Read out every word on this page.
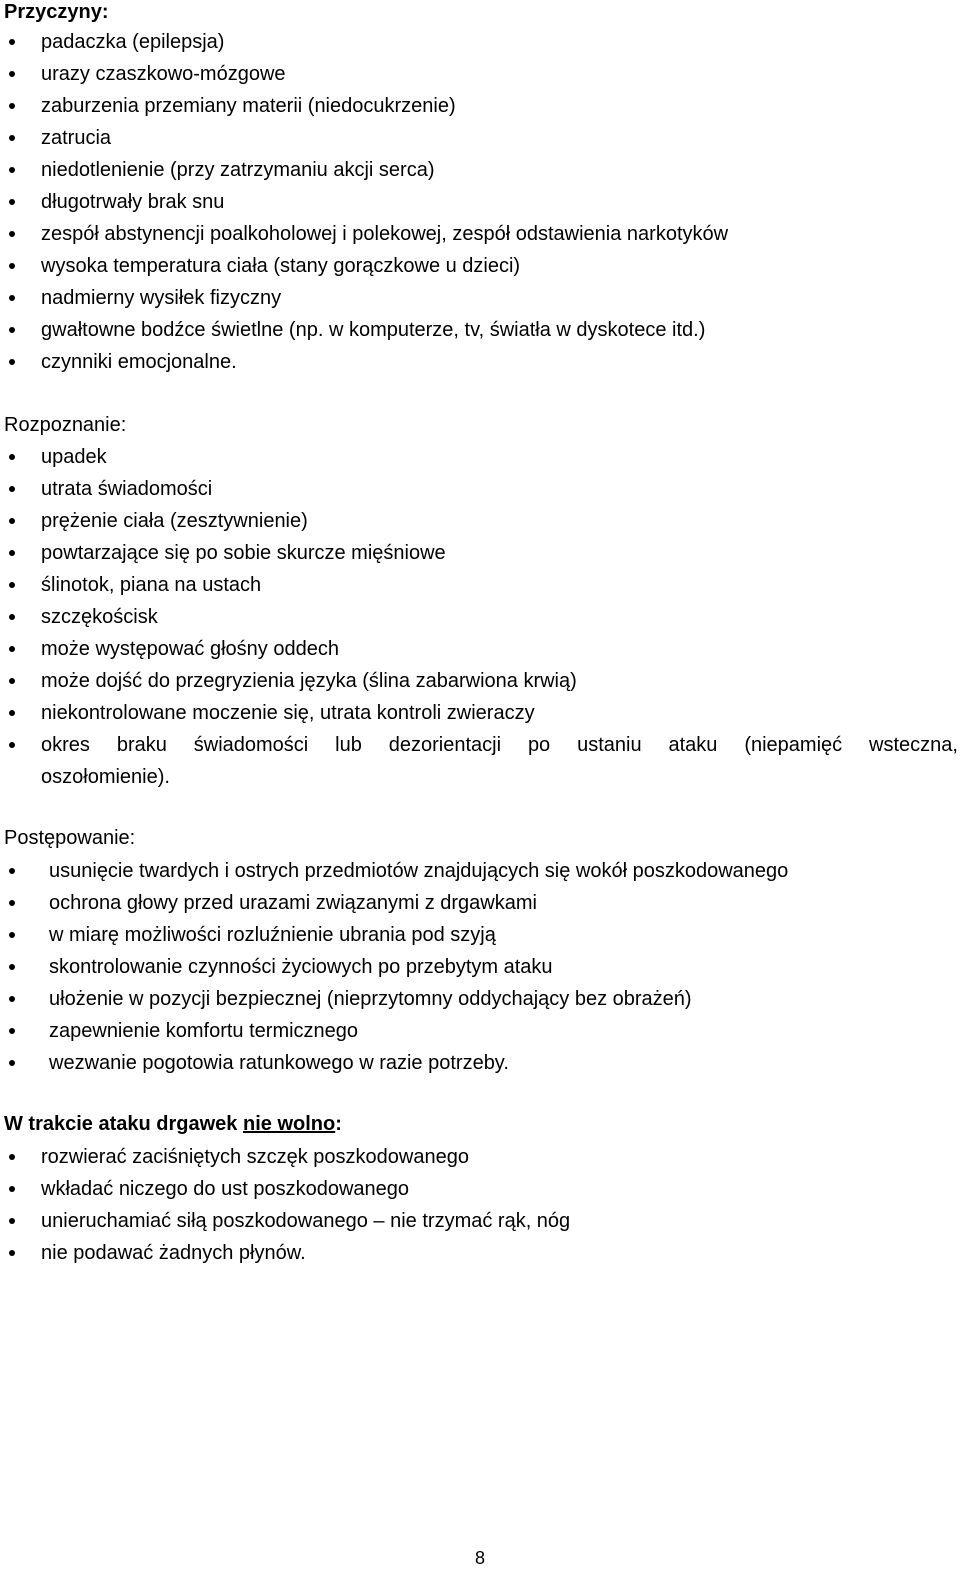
Przyczyny:
padaczka (epilepsja)
urazy czaszkowo-mózgowe
zaburzenia przemiany materii (niedocukrzenie)
zatrucia
niedotlenienie (przy zatrzymaniu akcji serca)
długotrwały brak snu
zespół abstynencji poalkoholowej i polekowej, zespół odstawienia narkotyków
wysoka temperatura ciała (stany gorączkowe u dzieci)
nadmierny wysiłek fizyczny
gwałtowne bodźce świetlne (np. w komputerze, tv, światła w dyskotece itd.)
czynniki emocjonalne.
Rozpoznanie:
upadek
utrata świadomości
prężenie ciała (zesztywnienie)
powtarzające się po sobie skurcze mięśniowe
ślinotok, piana na ustach
szczękościsk
może występować głośny oddech
może dojść do przegryzienia języka (ślina zabarwiona krwią)
niekontrolowane moczenie się, utrata kontroli zwieraczy
okres braku świadomości lub dezorientacji po ustaniu ataku (niepamięć wsteczna,
oszołomienie).
Postępowanie:
usunięcie twardych i ostrych przedmiotów znajdujących się wokół poszkodowanego
ochrona głowy przed urazami związanymi z drgawkami
w miarę możliwości rozluźnienie ubrania pod szyją
skontrolowanie czynności życiowych po przebytym ataku
ułożenie w pozycji bezpiecznej (nieprzytomny oddychający bez obrażeń)
zapewnienie komfortu termicznego
wezwanie pogotowia ratunkowego w razie potrzeby.
W trakcie ataku drgawek nie wolno:
rozwierać zaciśniętych szczęk poszkodowanego
wkładać niczego do ust poszkodowanego
unieruchamiać siłą poszkodowanego – nie trzymać rąk, nóg
nie podawać żadnych płynów.
8
